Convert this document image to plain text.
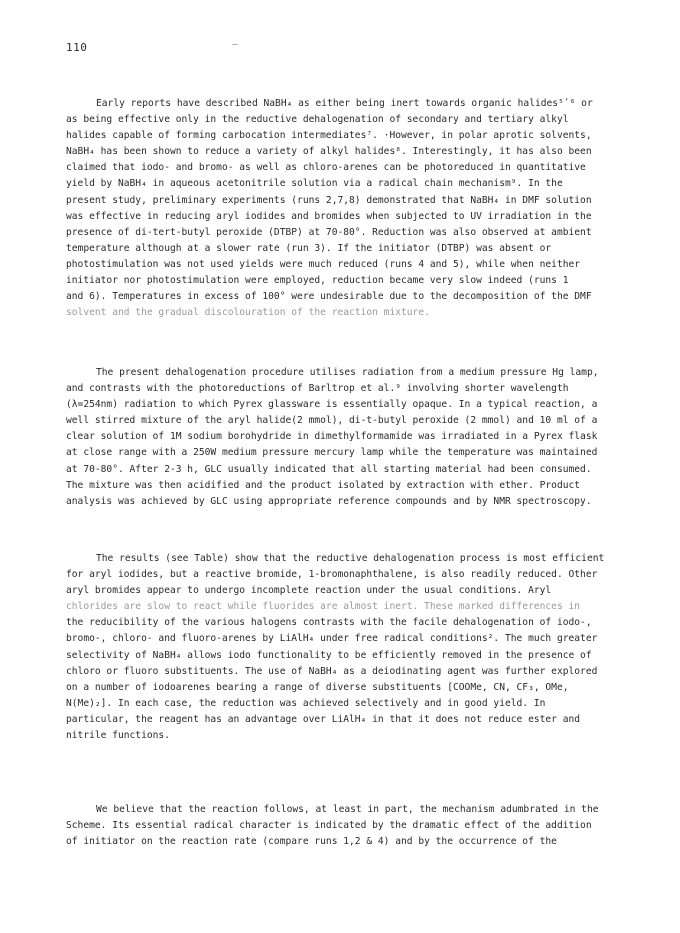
110
Early reports have described NaBH₄ as either being inert towards organic halides⁵ʹ⁶ or
as being effective only in the reductive dehalogenation of secondary and tertiary alkyl
halides capable of forming carbocation intermediates⁷. ·However, in polar aprotic solvents,
NaBH₄ has been shown to reduce a variety of alkyl halides⁸. Interestingly, it has also been
claimed that iodo- and bromo- as well as chloro-arenes can be photoreduced in quantitative
yield by NaBH₄ in aqueous acetonitrile solution via a radical chain mechanism⁹. In the
present study, preliminary experiments (runs 2,7,8) demonstrated that NaBH₄ in DMF solution
was effective in reducing aryl iodides and bromides when subjected to UV irradiation in the
presence of di-tert-butyl peroxide (DTBP) at 70-80°. Reduction was also observed at ambient
temperature although at a slower rate (run 3). If the initiator (DTBP) was absent or
photostimulation was not used yields were much reduced (runs 4 and 5), while when neither
initiator nor photostimulation were employed, reduction became very slow indeed (runs 1
and 6). Temperatures in excess of 100° were undesirable due to the decomposition of the DMF
solvent and the gradual discolouration of the reaction mixture.
The present dehalogenation procedure utilises radiation from a medium pressure Hg lamp,
and contrasts with the photoreductions of Barltrop et al.⁹ involving shorter wavelength
(λ=254nm) radiation to which Pyrex glassware is essentially opaque. In a typical reaction, a
well stirred mixture of the aryl halide(2 mmol), di-t-butyl peroxide (2 mmol) and 10 ml of a
clear solution of 1M sodium borohydride in dimethylformamide was irradiated in a Pyrex flask
at close range with a 250W medium pressure mercury lamp while the temperature was maintained
at 70-80°. After 2-3 h, GLC usually indicated that all starting material had been consumed.
The mixture was then acidified and the product isolated by extraction with ether. Product
analysis was achieved by GLC using appropriate reference compounds and by NMR spectroscopy.
The results (see Table) show that the reductive dehalogenation process is most efficient
for aryl iodides, but a reactive bromide, 1-bromonaphthalene, is also readily reduced. Other
aryl bromides appear to undergo incomplete reaction under the usual conditions. Aryl
chlorides are slow to react while fluorides are almost inert. These marked differences in
the reducibility of the various halogens contrasts with the facile dehalogenation of iodo-,
bromo-, chloro- and fluoro-arenes by LiAlH₄ under free radical conditions². The much greater
selectivity of NaBH₄ allows iodo functionality to be efficiently removed in the presence of
chloro or fluoro substituents. The use of NaBH₄ as a deiodinating agent was further explored
on a number of iodoarenes bearing a range of diverse substituents [COOMe, CN, CF₃, OMe,
N(Me)₂]. In each case, the reduction was achieved selectively and in good yield. In
particular, the reagent has an advantage over LiAlH₄ in that it does not reduce ester and
nitrile functions.
We believe that the reaction follows, at least in part, the mechanism adumbrated in the
Scheme. Its essential radical character is indicated by the dramatic effect of the addition
of initiator on the reaction rate (compare runs 1,2 & 4) and by the occurrence of the
